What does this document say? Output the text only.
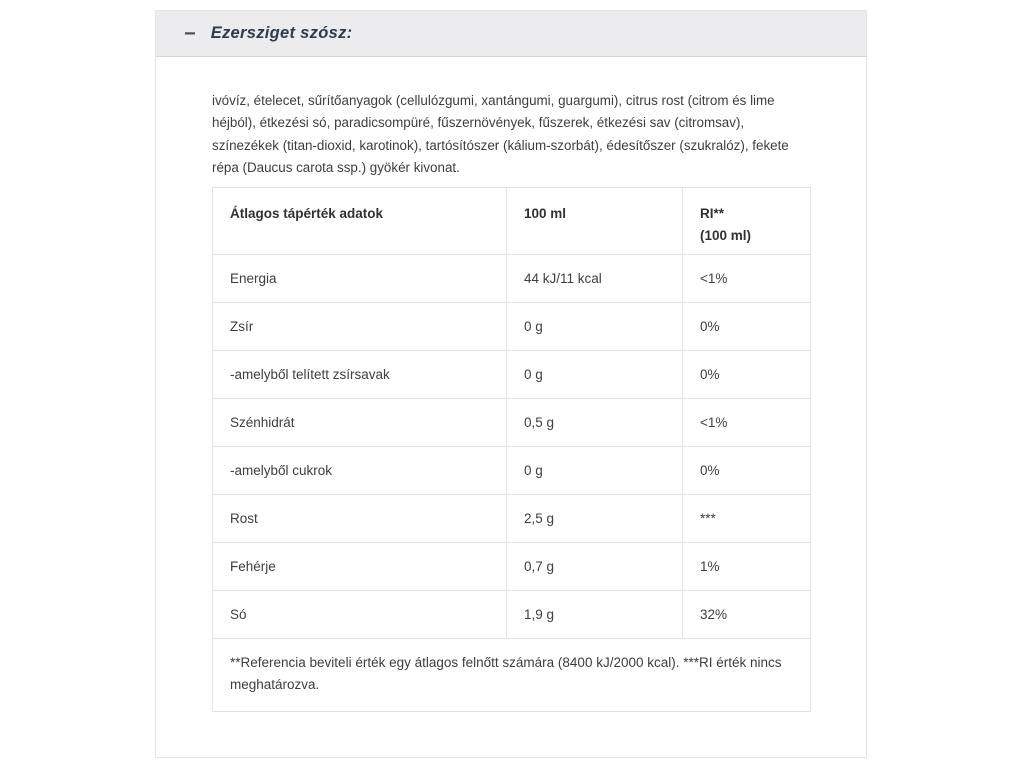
− Ezersziget szósz:

ivóvíz, ételecet, sűrítőanyagok (cellulózgumi, xantángumi, guargumi), citrus rost (citrom és lime héjból), étkezési só, paradicsompüré, fűszernövények, fűszerek, étkezési sav (citromsav), színezékek (titan-dioxid, karotinok), tartósítószer (kálium-szorbát), édesítőszer (szukralóz), fekete répa (Daucus carota ssp.) gyökér kivonat.

Átlagos tápérték adatok	100 ml	RI**
(100 ml)

Energia	44 kJ/11 kcal	<1%
Zsír	0 g	0%
-amelyből telített zsírsavak	0 g	0%
Szénhidrát	0,5 g	<1%
-amelyből cukrok	0 g	0%
Rost	2,5 g	***
Fehérje	0,7 g	1%
Só	1,9 g	32%
**Referencia beviteli érték egy átlagos felnőtt számára (8400 kJ/2000 kcal). ***RI érték nincs meghatározva.		
